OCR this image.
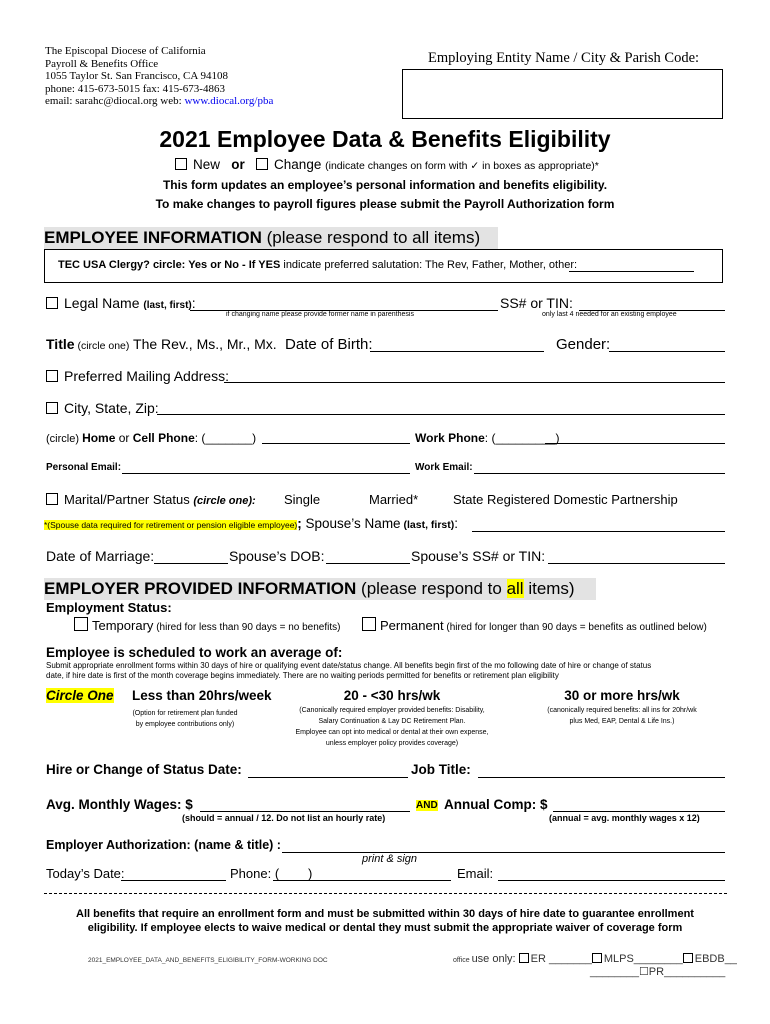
The Episcopal Diocese of California
Payroll & Benefits Office
1055 Taylor St. San Francisco, CA 94108
phone: 415-673-5015 fax: 415-673-4863
email: sarahc@diocal.org web: www.diocal.org/pba
Employing Entity Name / City & Parish Code:
2021 Employee Data & Benefits Eligibility
New or Change (indicate changes on form with ✓ in boxes as appropriate)*
This form updates an employee’s personal information and benefits eligibility.
To make changes to payroll figures please submit the Payroll Authorization form
EMPLOYEE INFORMATION (please respond to all items)
TEC USA Clergy? circle: Yes or No - If YES indicate preferred salutation: The Rev, Father, Mother, other:
Legal Name (last, first):
if changing name please provide former name in parenthesis
SS# or TIN:
only last 4 needed for an existing employee
Title (circle one) The Rev., Ms., Mr., Mx. Date of Birth:	Gender:
Preferred Mailing Address:
City, State, Zip:
(circle) Home or Cell Phone: (_______)	Work Phone: (_________)
Personal Email:	Work Email:
Marital/Partner Status (circle one): Single	Married*	State Registered Domestic Partnership
*(Spouse data required for retirement or pension eligible employee); Spouse’s Name (last, first):
Date of Marriage:	Spouse’s DOB:	Spouse’s SS# or TIN:
EMPLOYER PROVIDED INFORMATION (please respond to all items)
Employment Status:
Temporary (hired for less than 90 days = no benefits)	Permanent (hired for longer than 90 days = benefits as outlined below)
Employee is scheduled to work an average of:
Submit appropriate enrollment forms within 30 days of hire or qualifying event date/status change. All benefits begin first of the mo following date of hire or change of status
date, if hire date is first of the month coverage begins immediately. There are no waiting periods permitted for benefits or retirement plan eligibility
Circle One Less than 20hrs/week
(Option for retirement plan funded
by employee contributions only)
20 - <30 hrs/wk
(Canonically required employer provided benefits: Disability,
Salary Continuation & Lay DC Retirement Plan.
Employee can opt into medical or dental at their own expense,
unless employer policy provides coverage)
30 or more hrs/wk
(canonically required benefits: all ins for 20hr/wk
plus Med, EAP, Dental & Life Ins.)
Hire or Change of Status Date:	Job Title:
Avg. Monthly Wages: $
(should = annual / 12. Do not list an hourly rate)
AND Annual Comp: $
(annual = avg. monthly wages x 12)
Employer Authorization: (name & title) :
print & sign
Today’s Date:	Phone: ( )	Email:
All benefits that require an enrollment form and must be submitted within 30 days of hire date to guarantee enrollment
eligibility. If employee elects to waive medical or dental they must submit the appropriate waiver of coverage form
2021_EMPLOYEE_DATA_AND_BENEFITS_ELIGIBILITY_FORM-WORKING DOC	office use only: ER _______ MLPS________ EBDB__
________☐PR__________
